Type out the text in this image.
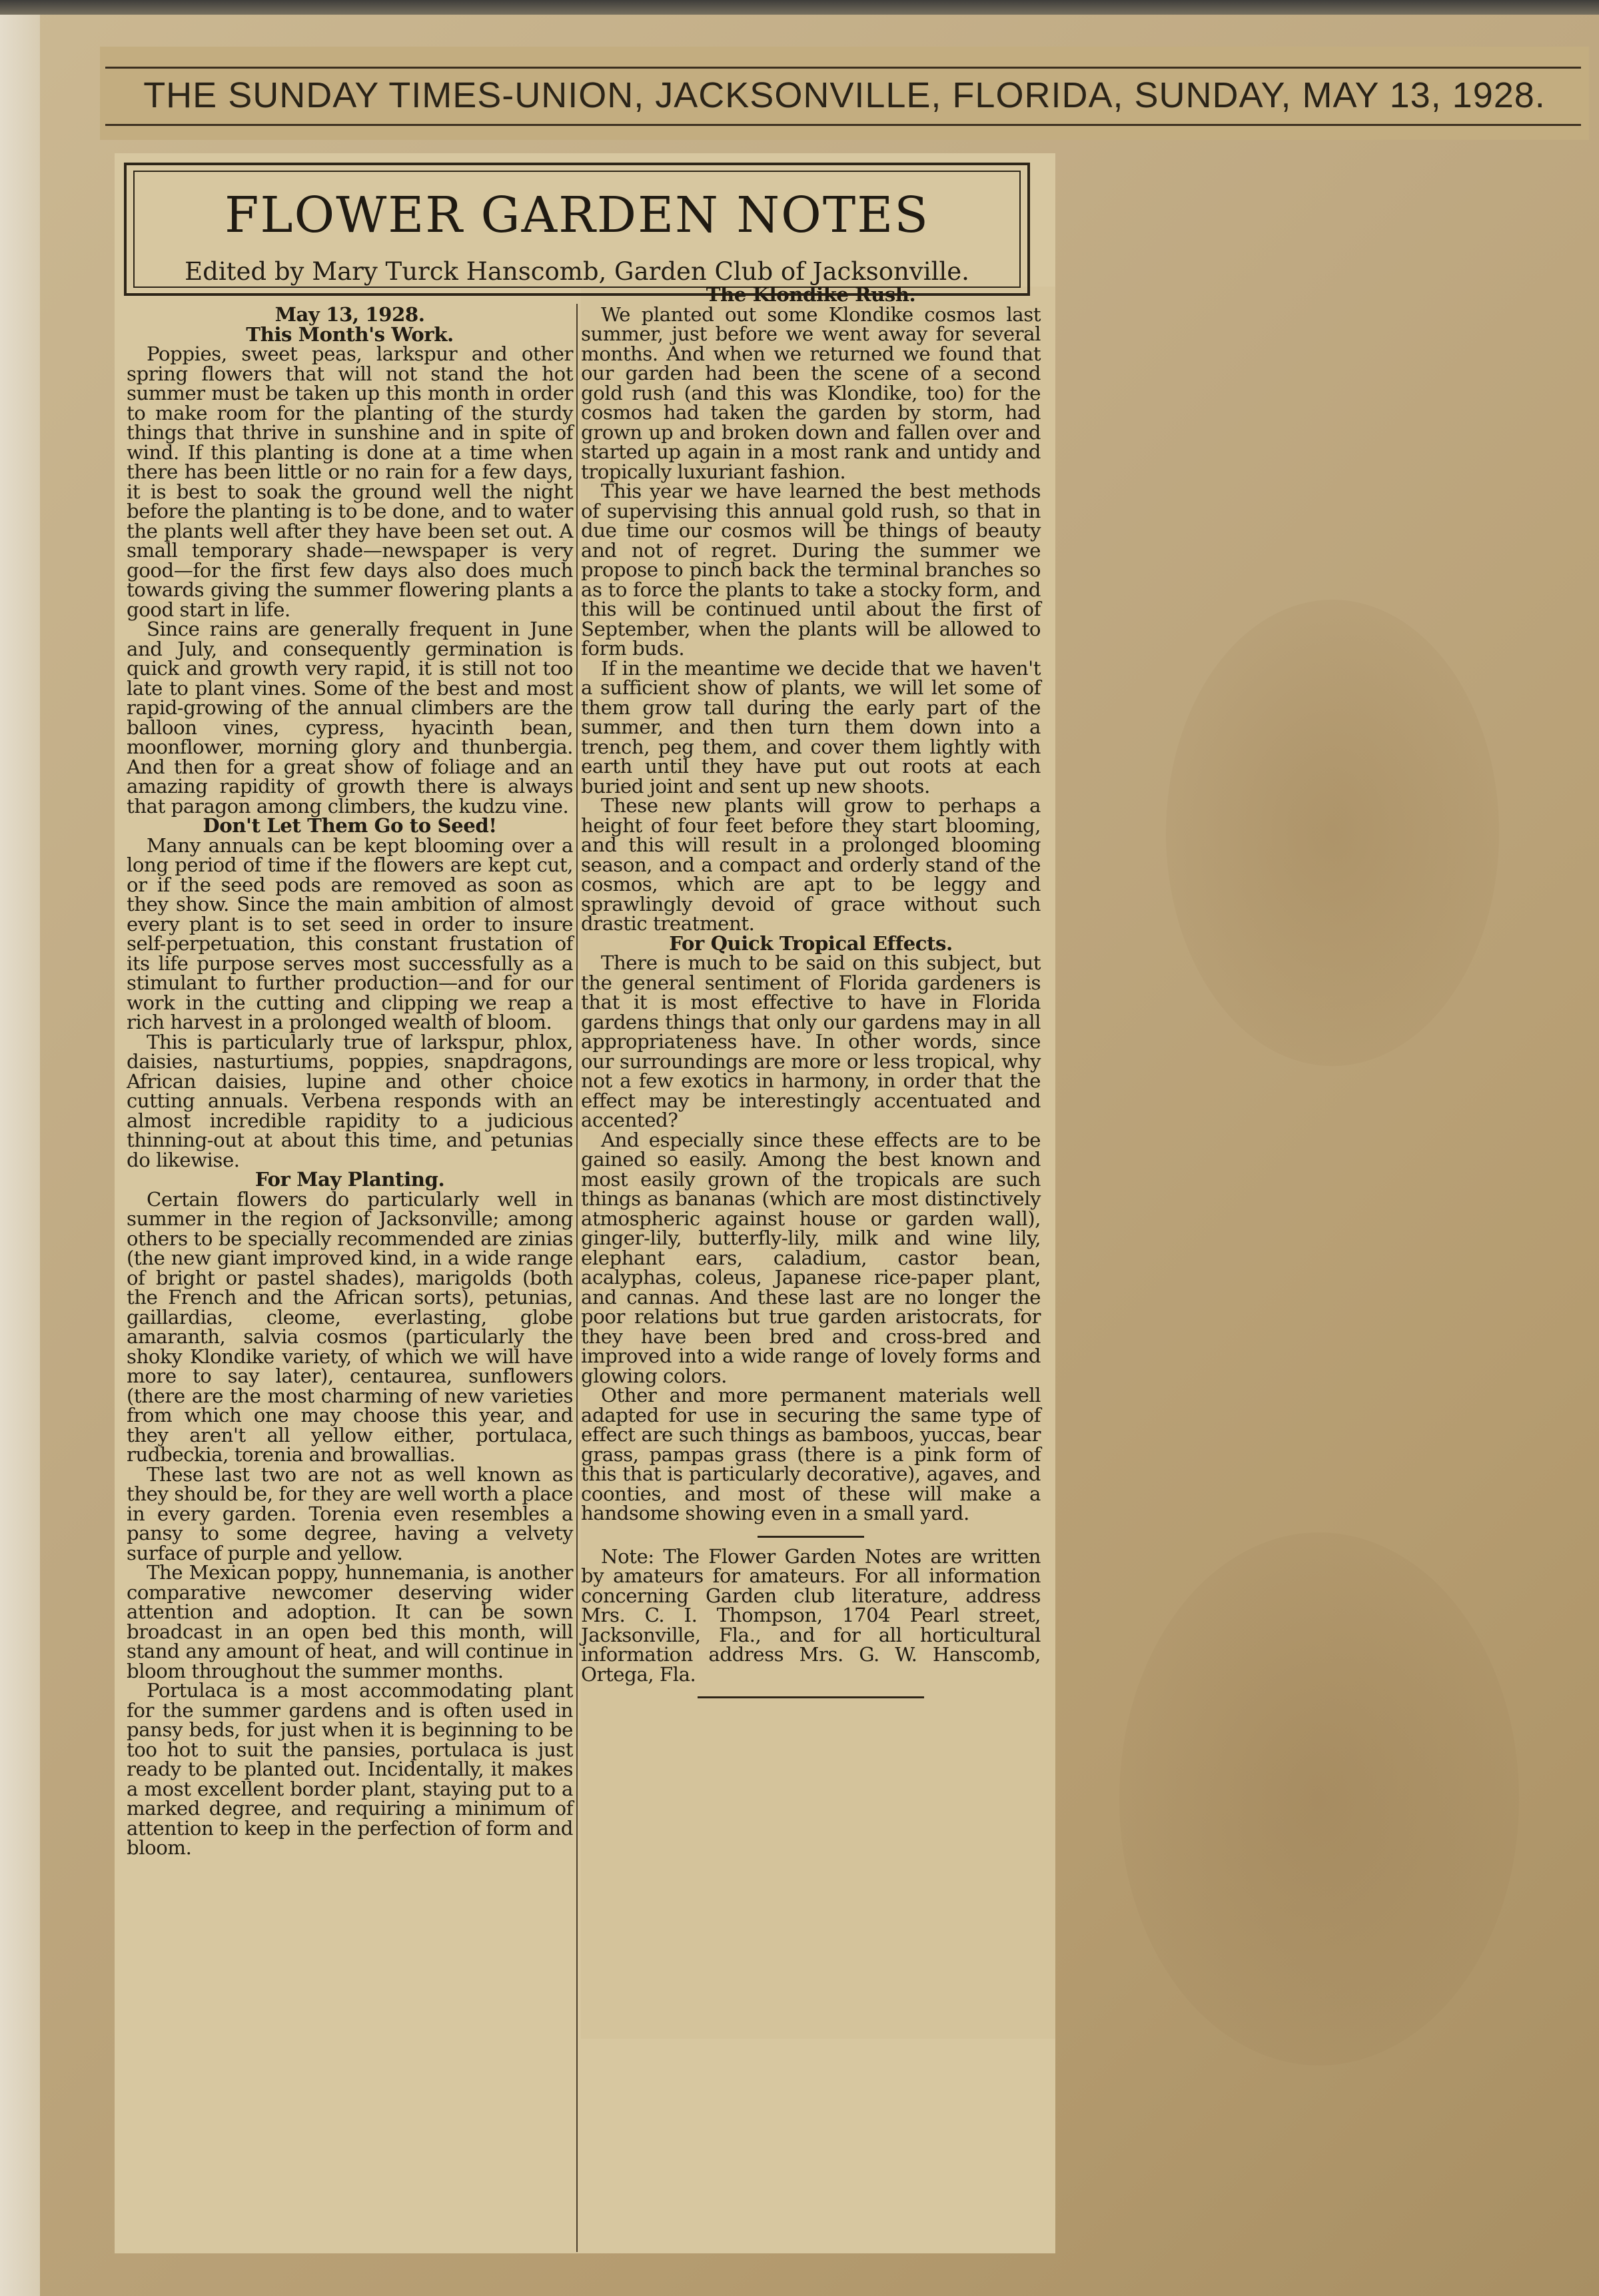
THE SUNDAY TIMES-UNION, JACKSONVILLE, FLORIDA, SUNDAY, MAY 13, 1928.
FLOWER GARDEN NOTES
Edited by Mary Turck Hanscomb, Garden Club of Jacksonville.

May 13, 1928.

This Month's Work.

Poppies, sweet peas, larkspur and other spring flowers that will not stand the hot summer must be taken up this month in order to make room for the planting of the sturdy things that thrive in sunshine and in spite of wind. If this planting is done at a time when there has been little or no rain for a few days, it is best to soak the ground well the night before the planting is to be done, and to water the plants well after they have been set out. A small temporary shade—newspaper is very good—for the first few days also does much towards giving the summer flowering plants a good start in life.

Since rains are generally frequent in June and July, and consequently germination is quick and growth very rapid, it is still not too late to plant vines. Some of the best and most rapid-growing of the annual climbers are the balloon vines, cypress, hyacinth bean, moonflower, morning glory and thunbergia. And then for a great show of foliage and an amazing rapidity of growth there is always that paragon among climbers, the kudzu vine.

Don't Let Them Go to Seed!

Many annuals can be kept blooming over a long period of time if the flowers are kept cut, or if the seed pods are removed as soon as they show. Since the main ambition of almost every plant is to set seed in order to insure self-perpetuation, this constant frustation of its life purpose serves most successfully as a stimulant to further production—and for our work in the cutting and clipping we reap a rich harvest in a prolonged wealth of bloom.

This is particularly true of larkspur, phlox, daisies, nasturtiums, poppies, snapdragons, African daisies, lupine and other choice cutting annuals. Verbena responds with an almost incredible rapidity to a judicious thinning-out at about this time, and petunias do likewise.

For May Planting.

Certain flowers do particularly well in summer in the region of Jacksonville; among others to be specially recommended are zinias (the new giant improved kind, in a wide range of bright or pastel shades), marigolds (both the French and the African sorts), petunias, gaillardias, cleome, everlasting, globe amaranth, salvia cosmos (particularly the shoky Klondike variety, of which we will have more to say later), centaurea, sunflowers (there are the most charming of new varieties from which one may choose this year, and they aren't all yellow either, portulaca, rudbeckia, torenia and browallias.

These last two are not as well known as they should be, for they are well worth a place in every garden. Torenia even resembles a pansy to some degree, having a velvety surface of purple and yellow.

The Mexican poppy, hunnemania, is another comparative newcomer deserving wider attention and adoption. It can be sown broadcast in an open bed this month, will stand any amount of heat, and will continue in bloom throughout the summer months.

Portulaca is a most accommodating plant for the summer gardens and is often used in pansy beds, for just when it is beginning to be too hot to suit the pansies, portulaca is just ready to be planted out. Incidentally, it makes a most excellent border plant, staying put to a marked degree, and requiring a minimum of attention to keep in the perfection of form and bloom.

The Klondike Rush.

We planted out some Klondike cosmos last summer, just before we went away for several months. And when we returned we found that our garden had been the scene of a second gold rush (and this was Klondike, too) for the cosmos had taken the garden by storm, had grown up and broken down and fallen over and started up again in a most rank and untidy and tropically luxuriant fashion.

This year we have learned the best methods of supervising this annual gold rush, so that in due time our cosmos will be things of beauty and not of regret. During the summer we propose to pinch back the terminal branches so as to force the plants to take a stocky form, and this will be continued until about the first of September, when the plants will be allowed to form buds.

If in the meantime we decide that we haven't a sufficient show of plants, we will let some of them grow tall during the early part of the summer, and then turn them down into a trench, peg them, and cover them lightly with earth until they have put out roots at each buried joint and sent up new shoots.

These new plants will grow to perhaps a height of four feet before they start blooming, and this will result in a prolonged blooming season, and a compact and orderly stand of the cosmos, which are apt to be leggy and sprawlingly devoid of grace without such drastic treatment.

For Quick Tropical Effects.

There is much to be said on this subject, but the general sentiment of Florida gardeners is that it is most effective to have in Florida gardens things that only our gardens may in all appropriateness have. In other words, since our surroundings are more or less tropical, why not a few exotics in harmony, in order that the effect may be interestingly accentuated and accented?

And especially since these effects are to be gained so easily. Among the best known and most easily grown of the tropicals are such things as bananas (which are most distinctively atmospheric against house or garden wall), ginger-lily, butterfly-lily, milk and wine lily, elephant ears, caladium, castor bean, acalyphas, coleus, Japanese rice-paper plant, and cannas. And these last are no longer the poor relations but true garden aristocrats, for they have been bred and cross-bred and improved into a wide range of lovely forms and glowing colors.

Other and more permanent materials well adapted for use in securing the same type of effect are such things as bamboos, yuccas, bear grass, pampas grass (there is a pink form of this that is particularly decorative), agaves, and coonties, and most of these will make a handsome showing even in a small yard.

Note: The Flower Garden Notes are written by amateurs for amateurs. For all information concerning Garden club literature, address Mrs. C. I. Thompson, 1704 Pearl street, Jacksonville, Fla., and for all horticultural information address Mrs. G. W. Hanscomb, Ortega, Fla.
